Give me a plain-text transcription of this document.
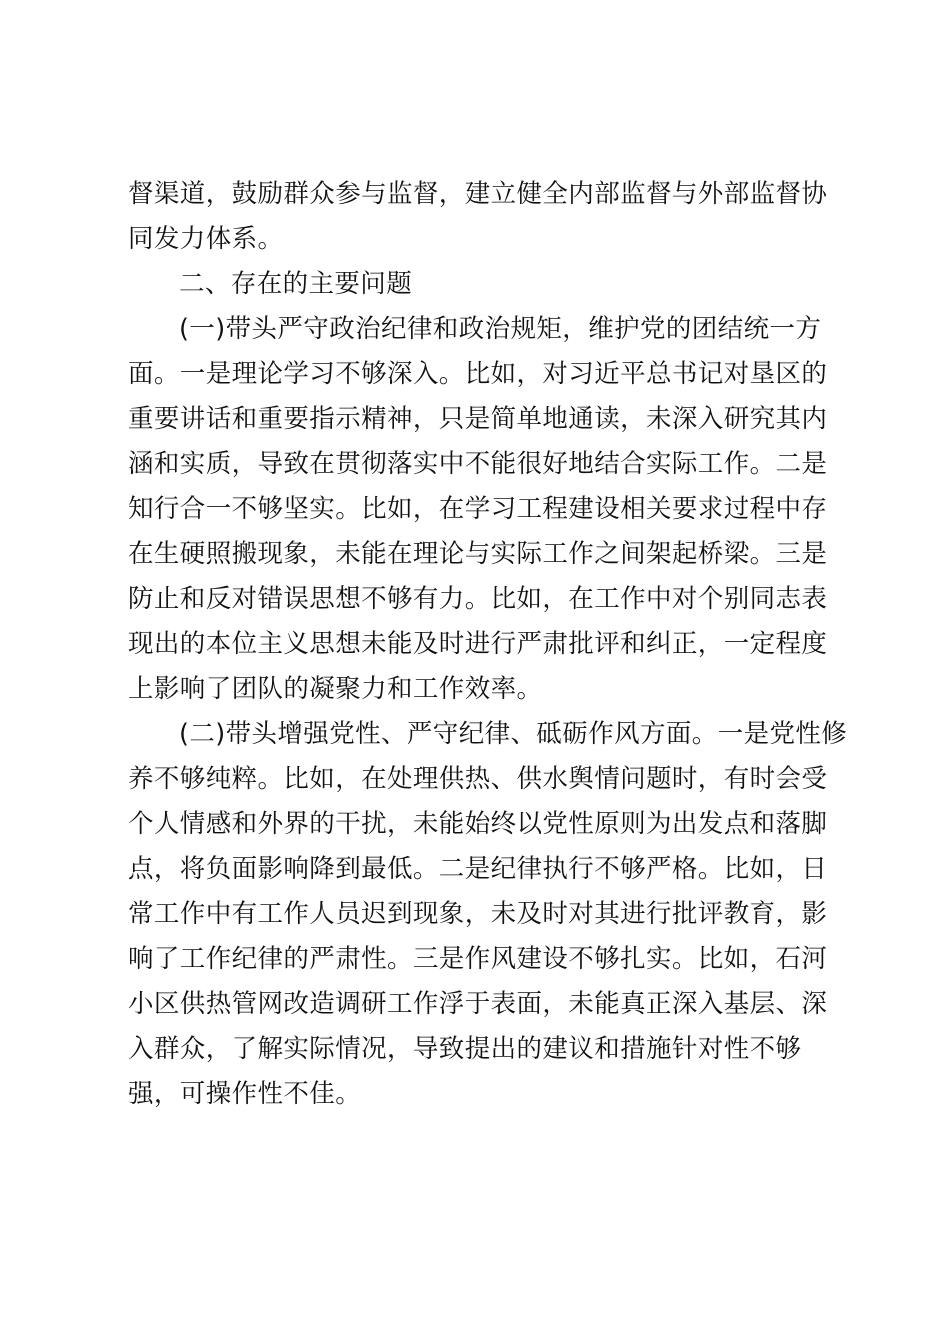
督渠道，鼓励群众参与监督，建立健全内部监督与外部监督协
同发力体系。
二、存在的主要问题
(一)带头严守政治纪律和政治规矩，维护党的团结统一方
面。一是理论学习不够深入。比如，对习近平总书记对垦区的
重要讲话和重要指示精神，只是简单地通读，未深入研究其内
涵和实质，导致在贯彻落实中不能很好地结合实际工作。二是
知行合一不够坚实。比如，在学习工程建设相关要求过程中存
在生硬照搬现象，未能在理论与实际工作之间架起桥梁。三是
防止和反对错误思想不够有力。比如，在工作中对个别同志表
现出的本位主义思想未能及时进行严肃批评和纠正，一定程度
上影响了团队的凝聚力和工作效率。
(二)带头增强党性、严守纪律、砥砺作风方面。一是党性修
养不够纯粹。比如，在处理供热、供水舆情问题时，有时会受
个人情感和外界的干扰，未能始终以党性原则为出发点和落脚
点，将负面影响降到最低。二是纪律执行不够严格。比如，日
常工作中有工作人员迟到现象，未及时对其进行批评教育，影
响了工作纪律的严肃性。三是作风建设不够扎实。比如，石河
小区供热管网改造调研工作浮于表面，未能真正深入基层、深
入群众，了解实际情况，导致提出的建议和措施针对性不够
强，可操作性不佳。
